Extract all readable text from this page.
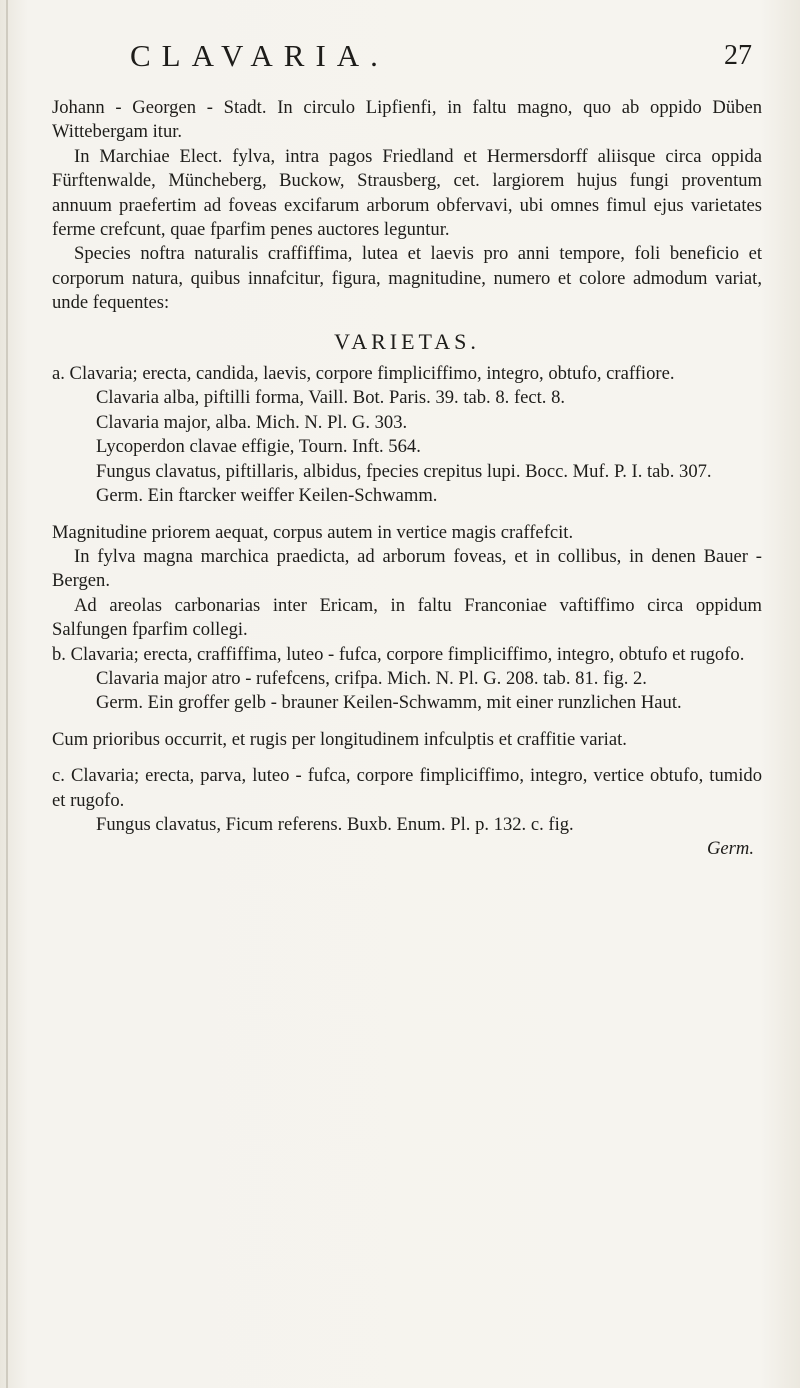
CLAVARIA.	27

Johann - Georgen - Stadt. In circulo Lipfienfi, in faltu magno, quo ab oppido Düben Wittebergam itur.

In Marchiae Elect. fylva, intra pagos Friedland et Hermersdorff aliisque circa oppida Fürftenwalde, Müncheberg, Buckow, Strausberg, cet. largiorem hujus fungi proventum annuum praefertim ad foveas excifarum arborum obfervavi, ubi omnes fimul ejus varietates ferme crefcunt, quae fparfim penes auctores leguntur.

Species noftra naturalis craffiffima, lutea et laevis pro anni tempore, foli beneficio et corporum natura, quibus innafcitur, figura, magnitudine, numero et colore admodum variat, unde fequentes:

VARIETAS.

a. Clavaria; erecta, candida, laevis, corpore fimpliciffimo, integro, obtufo, craffiore.

Clavaria alba, piftilli forma, Vaill. Bot. Paris. 39. tab. 8. fect. 8.

Clavaria major, alba. Mich. N. Pl. G. 303.

Lycoperdon clavae effigie, Tourn. Inft. 564.

Fungus clavatus, piftillaris, albidus, fpecies crepitus lupi. Bocc. Muf. P. I. tab. 307.

Germ. Ein ftarcker weiffer Keilen-Schwamm.

Magnitudine priorem aequat, corpus autem in vertice magis craffefcit.

In fylva magna marchica praedicta, ad arborum foveas, et in collibus, in denen Bauer - Bergen.

Ad areolas carbonarias inter Ericam, in faltu Franconiae vaftiffimo circa oppidum Salfungen fparfim collegi.

b. Clavaria; erecta, craffiffima, luteo - fufca, corpore fimpliciffimo, integro, obtufo et rugofo.

Clavaria major atro - rufefcens, crifpa. Mich. N. Pl. G. 208. tab. 81. fig. 2.

Germ. Ein groffer gelb - brauner Keilen-Schwamm, mit einer runzlichen Haut.

Cum prioribus occurrit, et rugis per longitudinem infculptis et craffitie variat.

c. Clavaria; erecta, parva, luteo - fufca, corpore fimpliciffimo, integro, vertice obtufo, tumido et rugofo.

Fungus clavatus, Ficum referens. Buxb. Enum. Pl. p. 132. c. fig.

Germ.
